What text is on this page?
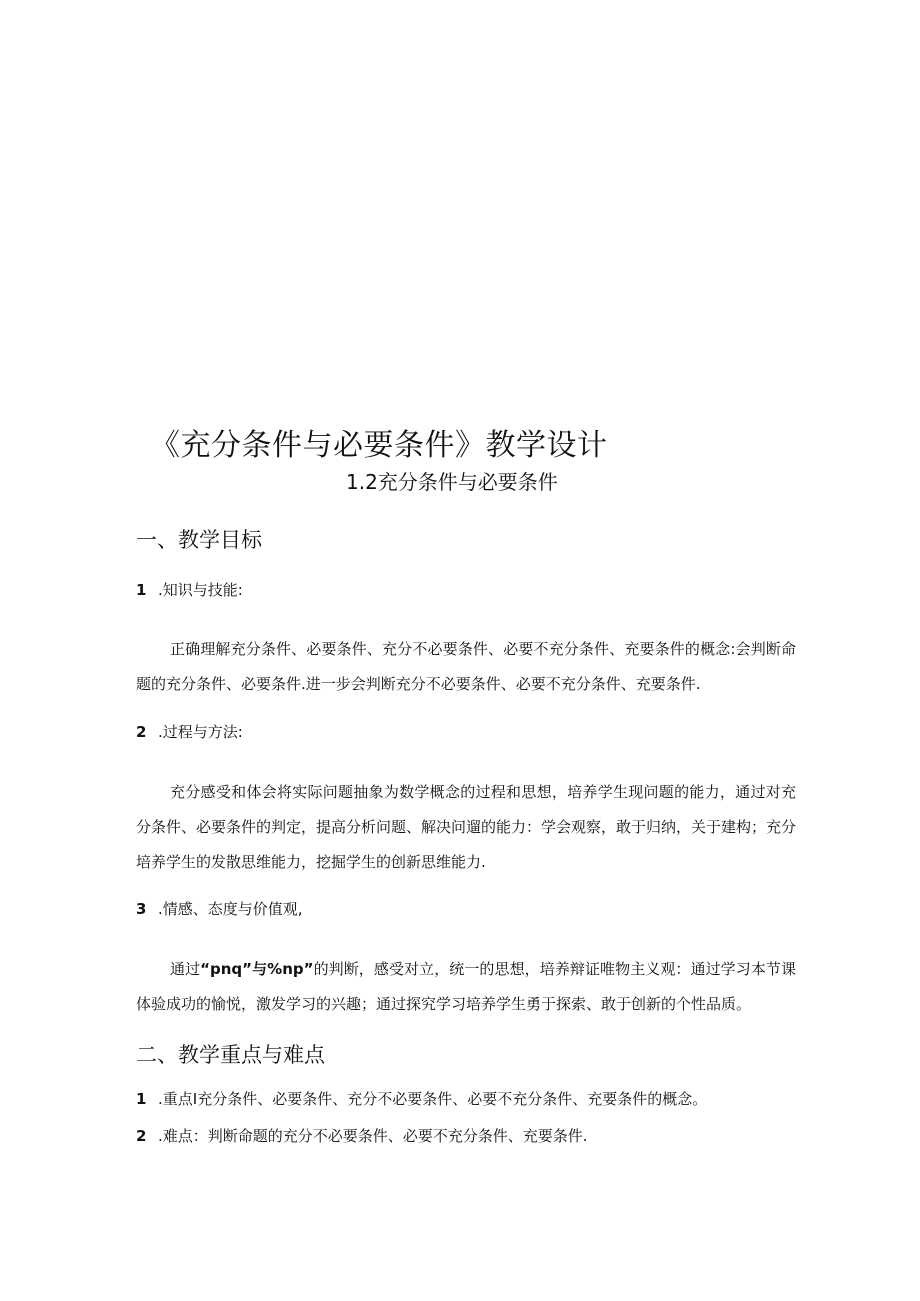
《充分条件与必要条件》教学设计
1.2充分条件与必要条件
一、教学目标
1 .知识与技能:
正确理解充分条件、必要条件、充分不必要条件、必要不充分条件、充要条件的概念:会判断命题的充分条件、必要条件.进一步会判断充分不必要条件、必要不充分条件、充要条件.
2 .过程与方法:
充分感受和体会将实际问题抽象为数学概念的过程和思想，培养学生现问题的能力，通过对充分条件、必要条件的判定，提高分析问题、解决问遛的能力：学会观察，敢于归纳，关于建构；充分培养学生的发散思维能力，挖掘学生的创新思维能力.
3 .情感、态度与价值观,
通过“pnq”与%np”的判断，感受对立，统一的思想，培养辩证唯物主义观：通过学习本节课体验成功的愉悦，激发学习的兴趣；通过探究学习培养学生勇于探索、敢于创新的个性品质。
二、教学重点与难点
1 .重点I充分条件、必要条件、充分不必要条件、必要不充分条件、充要条件的概念。
2 .难点：判断命题的充分不必要条件、必要不充分条件、充要条件.
